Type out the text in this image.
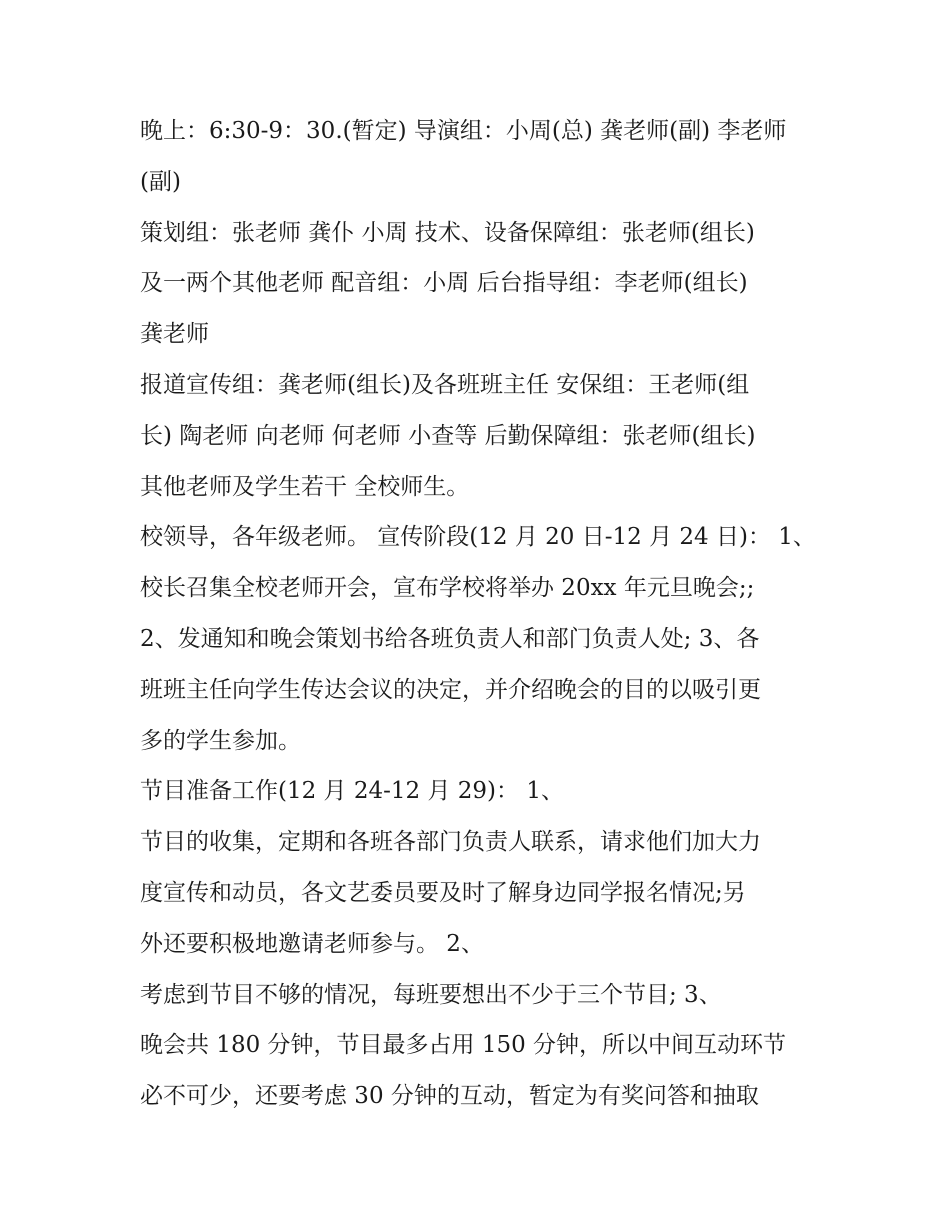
晚上：6:30-9：30.(暂定) 导演组：小周(总) 龚老师(副) 李老师
(副)
策划组：张老师 龚仆 小周 技术、设备保障组：张老师(组长)
及一两个其他老师 配音组：小周 后台指导组：李老师(组长)
龚老师
报道宣传组：龚老师(组长)及各班班主任 安保组：王老师(组
长) 陶老师 向老师 何老师 小查等 后勤保障组：张老师(组长)
其他老师及学生若干 全校师生。
校领导，各年级老师。 宣传阶段(12 月 20 日-12 月 24 日)： 1、
校长召集全校老师开会，宣布学校将举办 20xx 年元旦晚会;;
2、发通知和晚会策划书给各班负责人和部门负责人处; 3、各
班班主任向学生传达会议的决定，并介绍晚会的目的以吸引更
多的学生参加。
节目准备工作(12 月 24-12 月 29)： 1、
节目的收集，定期和各班各部门负责人联系，请求他们加大力
度宣传和动员，各文艺委员要及时了解身边同学报名情况;另
外还要积极地邀请老师参与。 2、
考虑到节目不够的情况，每班要想出不少于三个节目; 3、
晚会共 180 分钟，节目最多占用 150 分钟，所以中间互动环节
必不可少，还要考虑 30 分钟的互动，暂定为有奖问答和抽取
